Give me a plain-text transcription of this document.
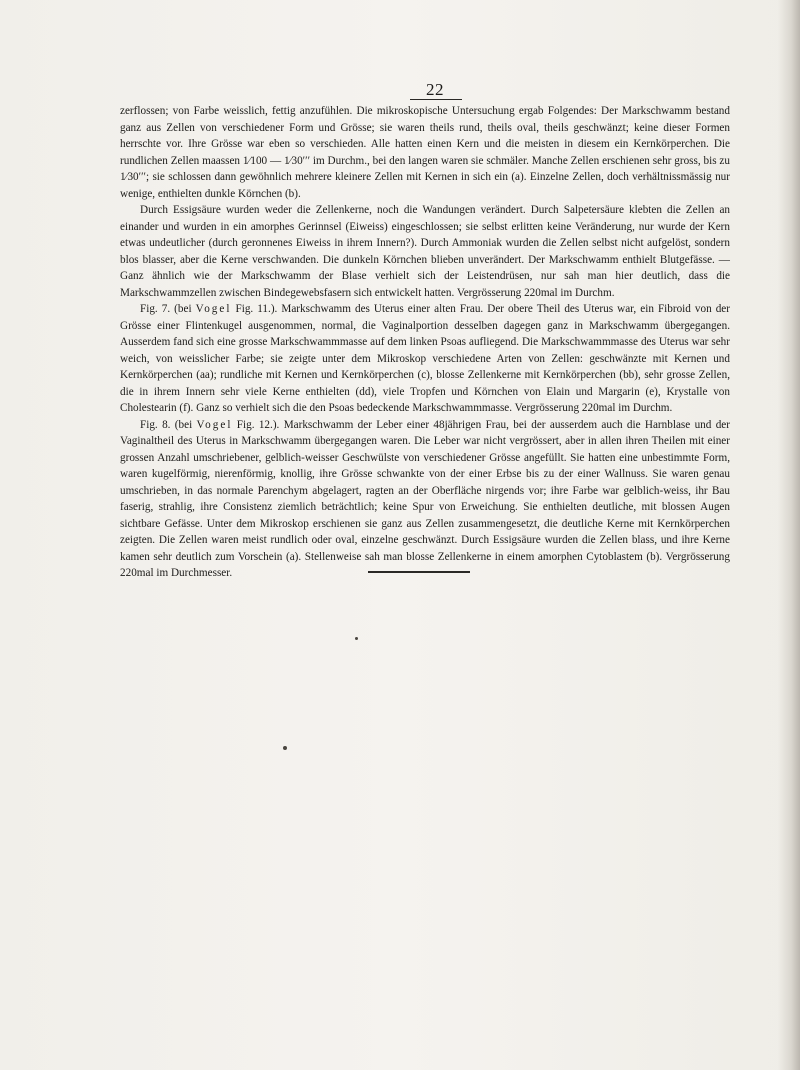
22

zerflossen; von Farbe weisslich, fettig anzufühlen. Die mikroskopische Untersuchung ergab Folgendes: Der Markschwamm bestand ganz aus Zellen von verschiedener Form und Grösse; sie waren theils rund, theils oval, theils geschwänzt; keine dieser Formen herrschte vor. Ihre Grösse war eben so verschieden. Alle hatten einen Kern und die meisten in diesem ein Kernkörperchen. Die rundlichen Zellen maassen 1⁄100 — 1⁄30′′′ im Durchm., bei den langen waren sie schmäler. Manche Zellen erschienen sehr gross, bis zu 1⁄30′′′; sie schlossen dann gewöhnlich mehrere kleinere Zellen mit Kernen in sich ein (a). Einzelne Zellen, doch verhältnissmässig nur wenige, enthielten dunkle Körnchen (b).

Durch Essigsäure wurden weder die Zellenkerne, noch die Wandungen verändert. Durch Salpetersäure klebten die Zellen an einander und wurden in ein amorphes Gerinnsel (Eiweiss) eingeschlossen; sie selbst erlitten keine Veränderung, nur wurde der Kern etwas undeutlicher (durch geronnenes Eiweiss in ihrem Innern?). Durch Ammoniak wurden die Zellen selbst nicht aufgelöst, sondern blos blasser, aber die Kerne verschwanden. Die dunkeln Körnchen blieben unverändert. Der Markschwamm enthielt Blutgefässe. — Ganz ähnlich wie der Markschwamm der Blase verhielt sich der Leistendrüsen, nur sah man hier deutlich, dass die Markschwammzellen zwischen Bindegewebsfasern sich entwickelt hatten. Vergrösserung 220mal im Durchm.

Fig. 7. (bei Vogel Fig. 11.). Markschwamm des Uterus einer alten Frau. Der obere Theil des Uterus war, ein Fibroid von der Grösse einer Flintenkugel ausgenommen, normal, die Vaginalportion desselben dagegen ganz in Markschwamm übergegangen. Ausserdem fand sich eine grosse Markschwammmasse auf dem linken Psoas aufliegend. Die Markschwammmasse des Uterus war sehr weich, von weisslicher Farbe; sie zeigte unter dem Mikroskop verschiedene Arten von Zellen: geschwänzte mit Kernen und Kernkörperchen (aa); rundliche mit Kernen und Kernkörperchen (c), blosse Zellenkerne mit Kernkörperchen (bb), sehr grosse Zellen, die in ihrem Innern sehr viele Kerne enthielten (dd), viele Tropfen und Körnchen von Elain und Margarin (e), Krystalle von Cholestearin (f). Ganz so verhielt sich die den Psoas bedeckende Markschwammmasse. Vergrösserung 220mal im Durchm.

Fig. 8. (bei Vogel Fig. 12.). Markschwamm der Leber einer 48jährigen Frau, bei der ausserdem auch die Harnblase und der Vaginaltheil des Uterus in Markschwamm übergegangen waren. Die Leber war nicht vergrössert, aber in allen ihren Theilen mit einer grossen Anzahl umschriebener, gelblich-weisser Geschwülste von verschiedener Grösse angefüllt. Sie hatten eine unbestimmte Form, waren kugelförmig, nierenförmig, knollig, ihre Grösse schwankte von der einer Erbse bis zu der einer Wallnuss. Sie waren genau umschrieben, in das normale Parenchym abgelagert, ragten an der Oberfläche nirgends vor; ihre Farbe war gelblich-weiss, ihr Bau faserig, strahlig, ihre Consistenz ziemlich beträchtlich; keine Spur von Erweichung. Sie enthielten deutliche, mit blossen Augen sichtbare Gefässe. Unter dem Mikroskop erschienen sie ganz aus Zellen zusammengesetzt, die deutliche Kerne mit Kernkörperchen zeigten. Die Zellen waren meist rundlich oder oval, einzelne geschwänzt. Durch Essigsäure wurden die Zellen blass, und ihre Kerne kamen sehr deutlich zum Vorschein (a). Stellenweise sah man blosse Zellenkerne in einem amorphen Cytoblastem (b). Vergrösserung 220mal im Durchmesser.
